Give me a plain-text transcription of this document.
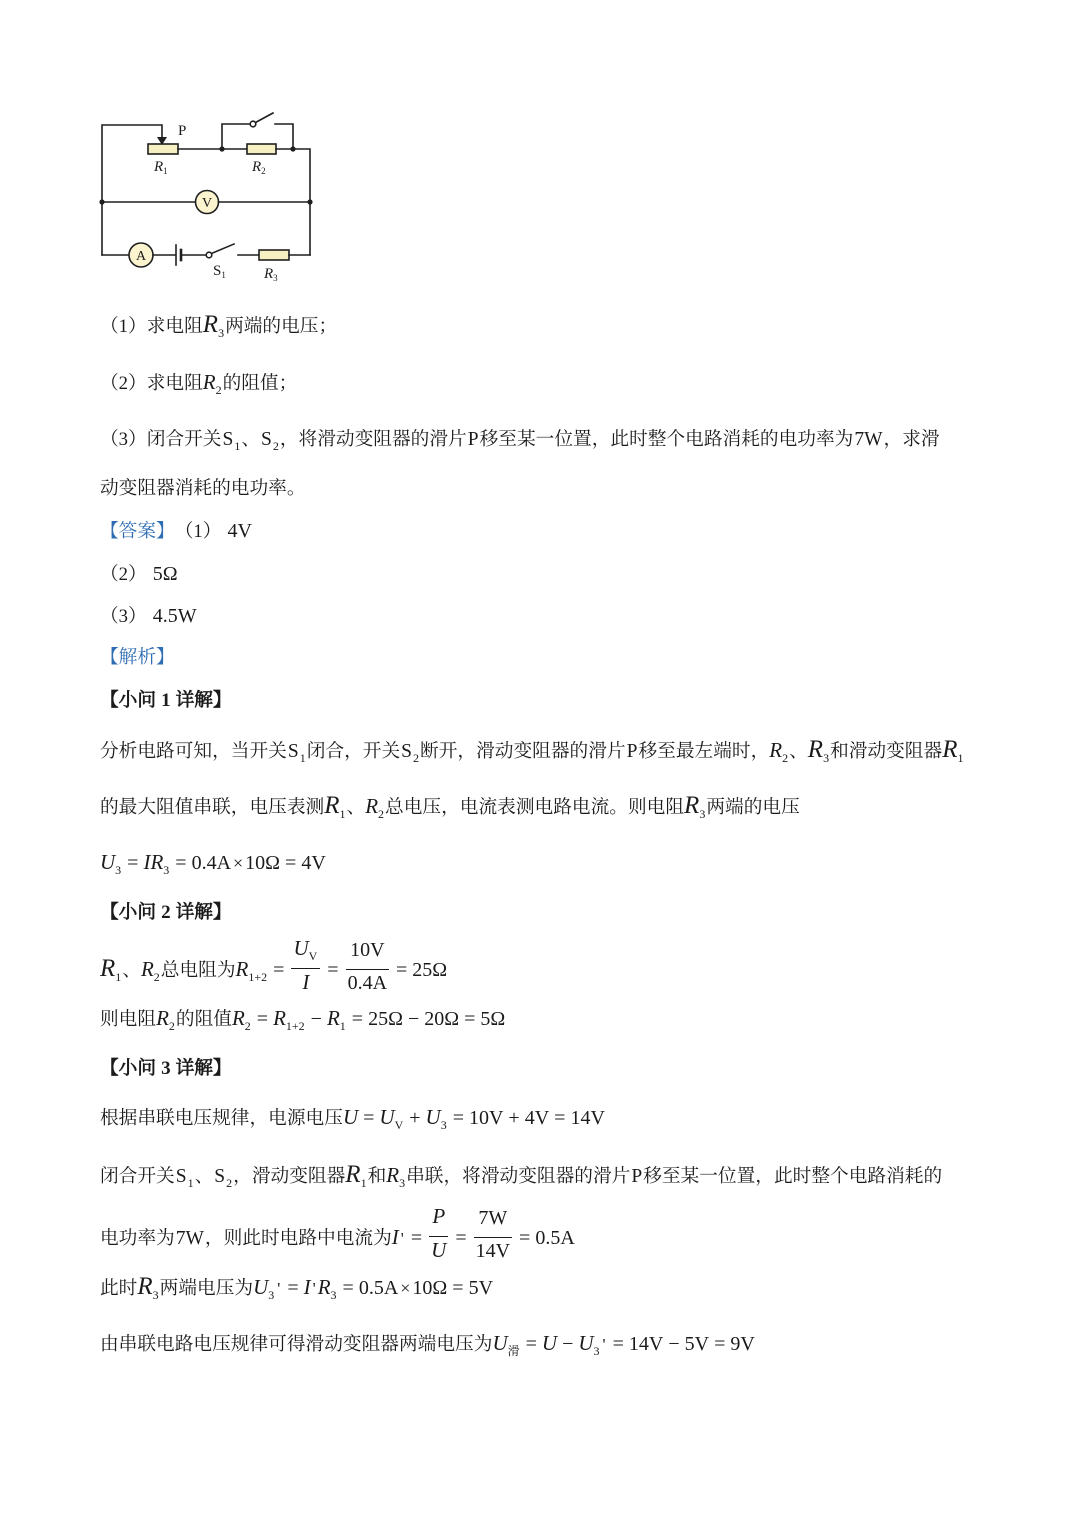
P
$R_1$	$R_2$
V
A
$S_1$	$R_3$
（1）求电阻 R $_3$ 两端的电压；
（2）求电阻 R $_2$ 的阻值；
（3）闭合开关 S $_1$ 、 S $_2$ ，将滑动变阻器的滑片 P 移至某一位置，此时整个电路消耗的电功率为 7W ，求滑
动变阻器消耗的电功率。
【答案】 （1） 4V
（2） 5Ω
（3） 4.5W
【解析】
【小问 1 详解】
分析电路可知，当开关 S $_1$ 闭合，开关 S $_2$ 断开，滑动变阻器的滑片 P 移至最左端时， R $_2$ 、 R $_3$ 和滑动变阻器 R $_1$
的最大阻值串联，电压表测 R $_1$ 、 R $_2$ 总电压，电流表测电路电流。则电阻 R $_3$ 两端的电压
U $_3$ = IR $_3$ = 0.4A × 10Ω = 4V
【小问 2 详解】
R $_1$ 、 R $_2$ 总电阻为 R $_{1+2} = \frac{U_V}{I} = \frac{10V}{0.4A} = 25\Omega$
则电阻 R $_2$ 的阻值 R $_2$ = R $_{1+2}$ − R $_1$ = 25Ω − 20Ω = 5Ω
【小问 3 详解】
根据串联电压规律，电源电压 U = U $_V$ + U $_3$ = 10V + 4V = 14V
闭合开关 S $_1$ 、 S $_2$ ，滑动变阻器 R $_1$ 和 R $_3$ 串联，将滑动变阻器的滑片 P 移至某一位置，此时整个电路消耗的
电功率为 7W ，则此时电路中电流为 I ' = $\frac{P}{U} = \frac{7W}{14V} = 0.5A$
此时 R $_3$ 两端电压为 U $_3$ ' = I ' R $_3$ = 0.5A × 10Ω = 5V
由串联电路电压规律可得滑动变阻器两端电压为 U $_滑$ = U − U $_3$ ' = 14V − 5V = 9V
